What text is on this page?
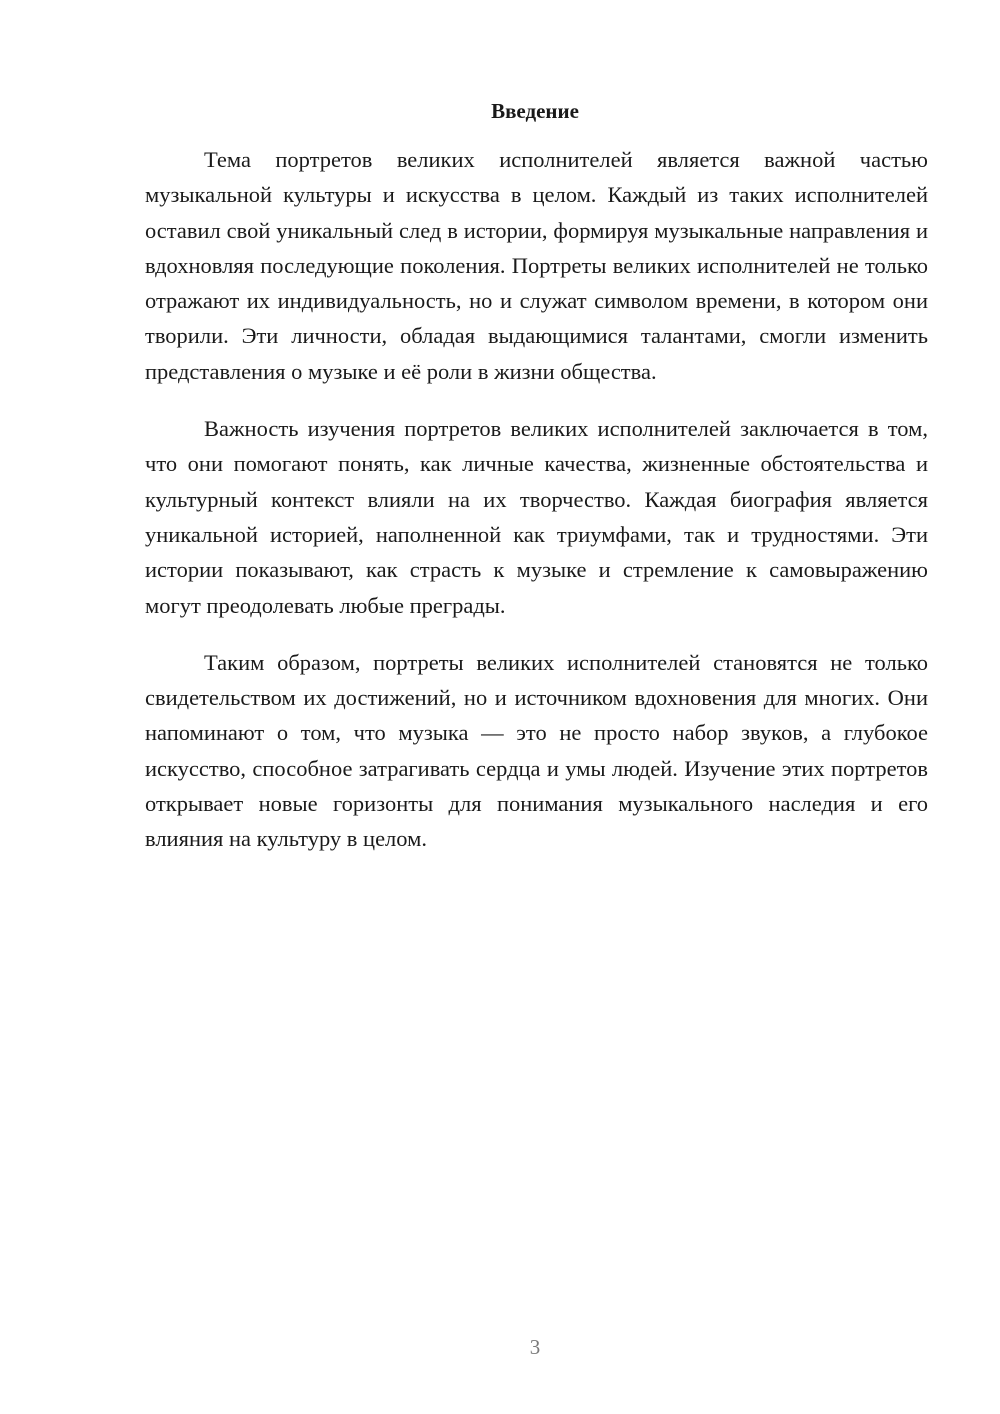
Введение

Тема портретов великих исполнителей является важной частью музыкальной культуры и искусства в целом. Каждый из таких исполнителей оставил свой уникальный след в истории, формируя музыкальные направления и вдохновляя последующие поколения. Портреты великих исполнителей не только отражают их индивидуальность, но и служат символом времени, в котором они творили. Эти личности, обладая выдающимися талантами, смогли изменить представления о музыке и её роли в жизни общества.

Важность изучения портретов великих исполнителей заключается в том, что они помогают понять, как личные качества, жизненные обстоятельства и культурный контекст влияли на их творчество. Каждая биография является уникальной историей, наполненной как триумфами, так и трудностями. Эти истории показывают, как страсть к музыке и стремление к самовыражению могут преодолевать любые преграды.

Таким образом, портреты великих исполнителей становятся не только свидетельством их достижений, но и источником вдохновения для многих. Они напоминают о том, что музыка — это не просто набор звуков, а глубокое искусство, способное затрагивать сердца и умы людей. Изучение этих портретов открывает новые горизонты для понимания музыкального наследия и его влияния на культуру в целом.

3
